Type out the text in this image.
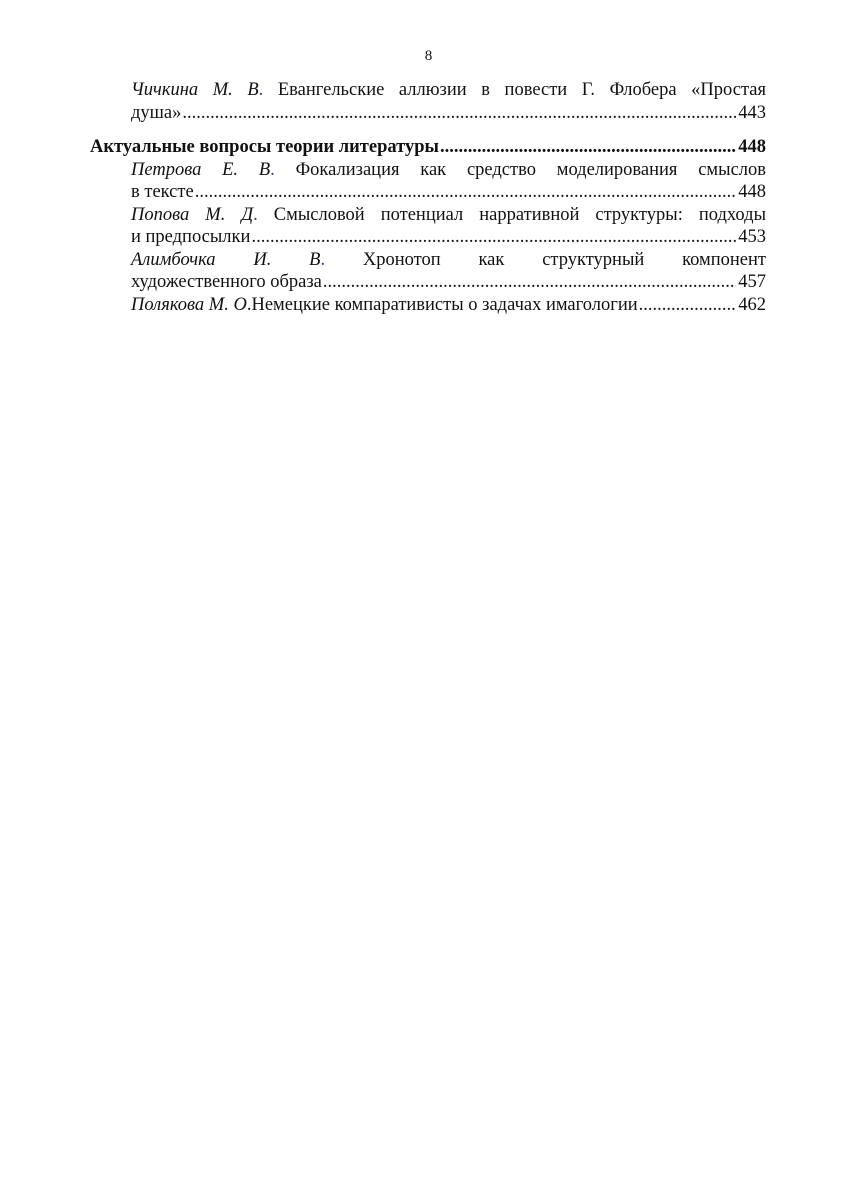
8
Чичкина М. В. Евангельские аллюзии в повести Г. Флобера «Простая
душа» .....	443
Актуальные вопросы теории литературы .....	448
Петрова Е. В. Фокализация как средство моделирования смыслов
в тексте .....	448
Попова М. Д. Смысловой потенциал нарративной структуры: подходы
и предпосылки .....	453
Алимбочка И. В. Хронотоп как структурный компонент
художественного образа .....	457
Полякова М. О . Немецкие компаративисты о задачах имагологии .....	462
